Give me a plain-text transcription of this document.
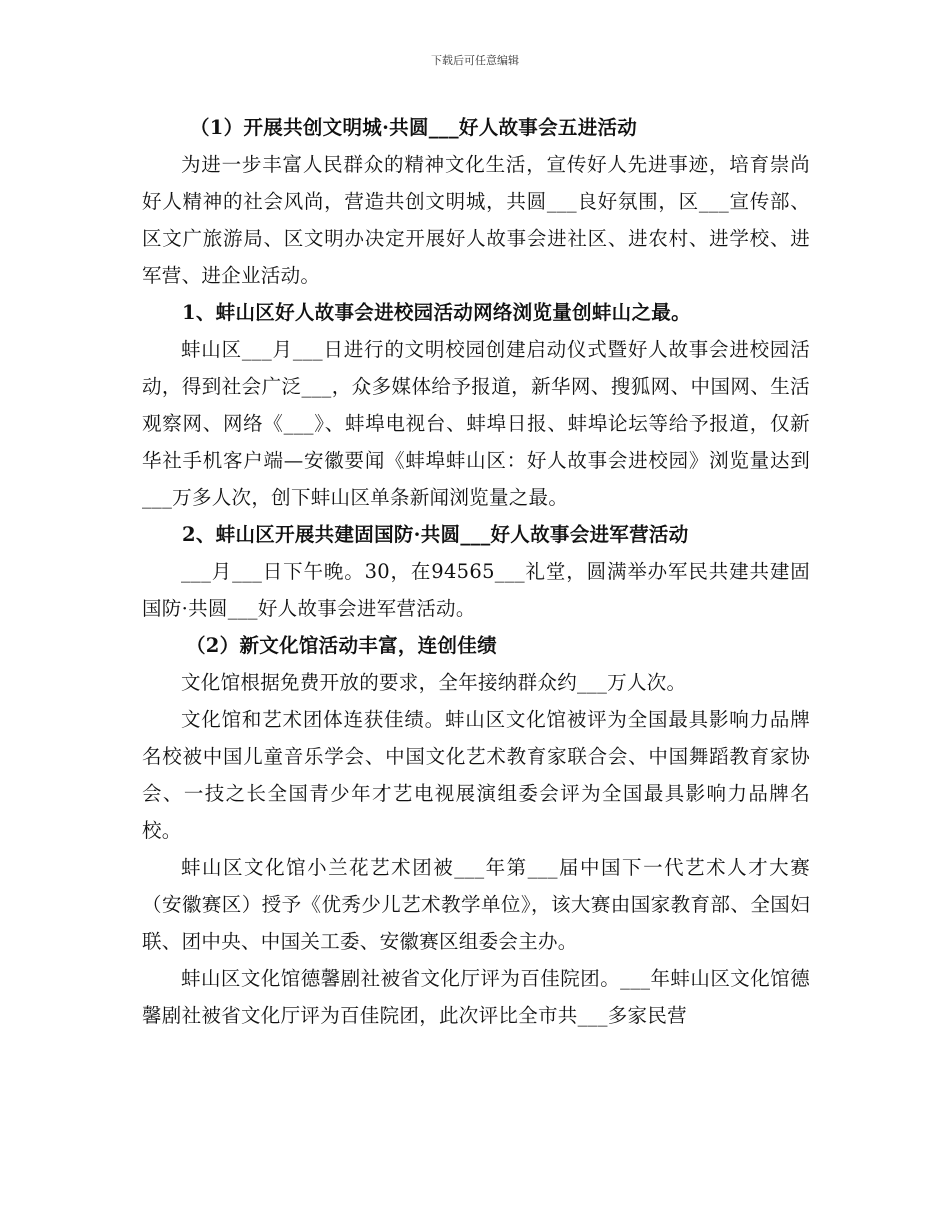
下载后可任意编辑

（1）开展共创文明城·共圆___好人故事会五进活动

为进一步丰富人民群众的精神文化生活，宣传好人先进事迹，培育崇尚好人精神的社会风尚，营造共创文明城，共圆___良好氛围，区___宣传部、区文广旅游局、区文明办决定开展好人故事会进社区、进农村、进学校、进军营、进企业活动。

1、蚌山区好人故事会进校园活动网络浏览量创蚌山之最。

蚌山区___月___日进行的文明校园创建启动仪式暨好人故事会进校园活动，得到社会广泛___，众多媒体给予报道，新华网、搜狐网、中国网、生活观察网、网络《___》、蚌埠电视台、蚌埠日报、蚌埠论坛等给予报道，仅新华社手机客户端—安徽要闻《蚌埠蚌山区：好人故事会进校园》浏览量达到___万多人次，创下蚌山区单条新闻浏览量之最。

2、蚌山区开展共建固国防·共圆___好人故事会进军营活动

___月___日下午晚。30，在94565___礼堂，圆满举办军民共建共建固国防·共圆___好人故事会进军营活动。

（2）新文化馆活动丰富，连创佳绩

文化馆根据免费开放的要求，全年接纳群众约___万人次。

文化馆和艺术团体连获佳绩。蚌山区文化馆被评为全国最具影响力品牌名校被中国儿童音乐学会、中国文化艺术教育家联合会、中国舞蹈教育家协会、一技之长全国青少年才艺电视展演组委会评为全国最具影响力品牌名校。

蚌山区文化馆小兰花艺术团被___年第___届中国下一代艺术人才大赛（安徽赛区）授予《优秀少儿艺术教学单位》，该大赛由国家教育部、全国妇联、团中央、中国关工委、安徽赛区组委会主办。

蚌山区文化馆德馨剧社被省文化厅评为百佳院团。___年蚌山区文化馆德馨剧社被省文化厅评为百佳院团，此次评比全市共___多家民营
